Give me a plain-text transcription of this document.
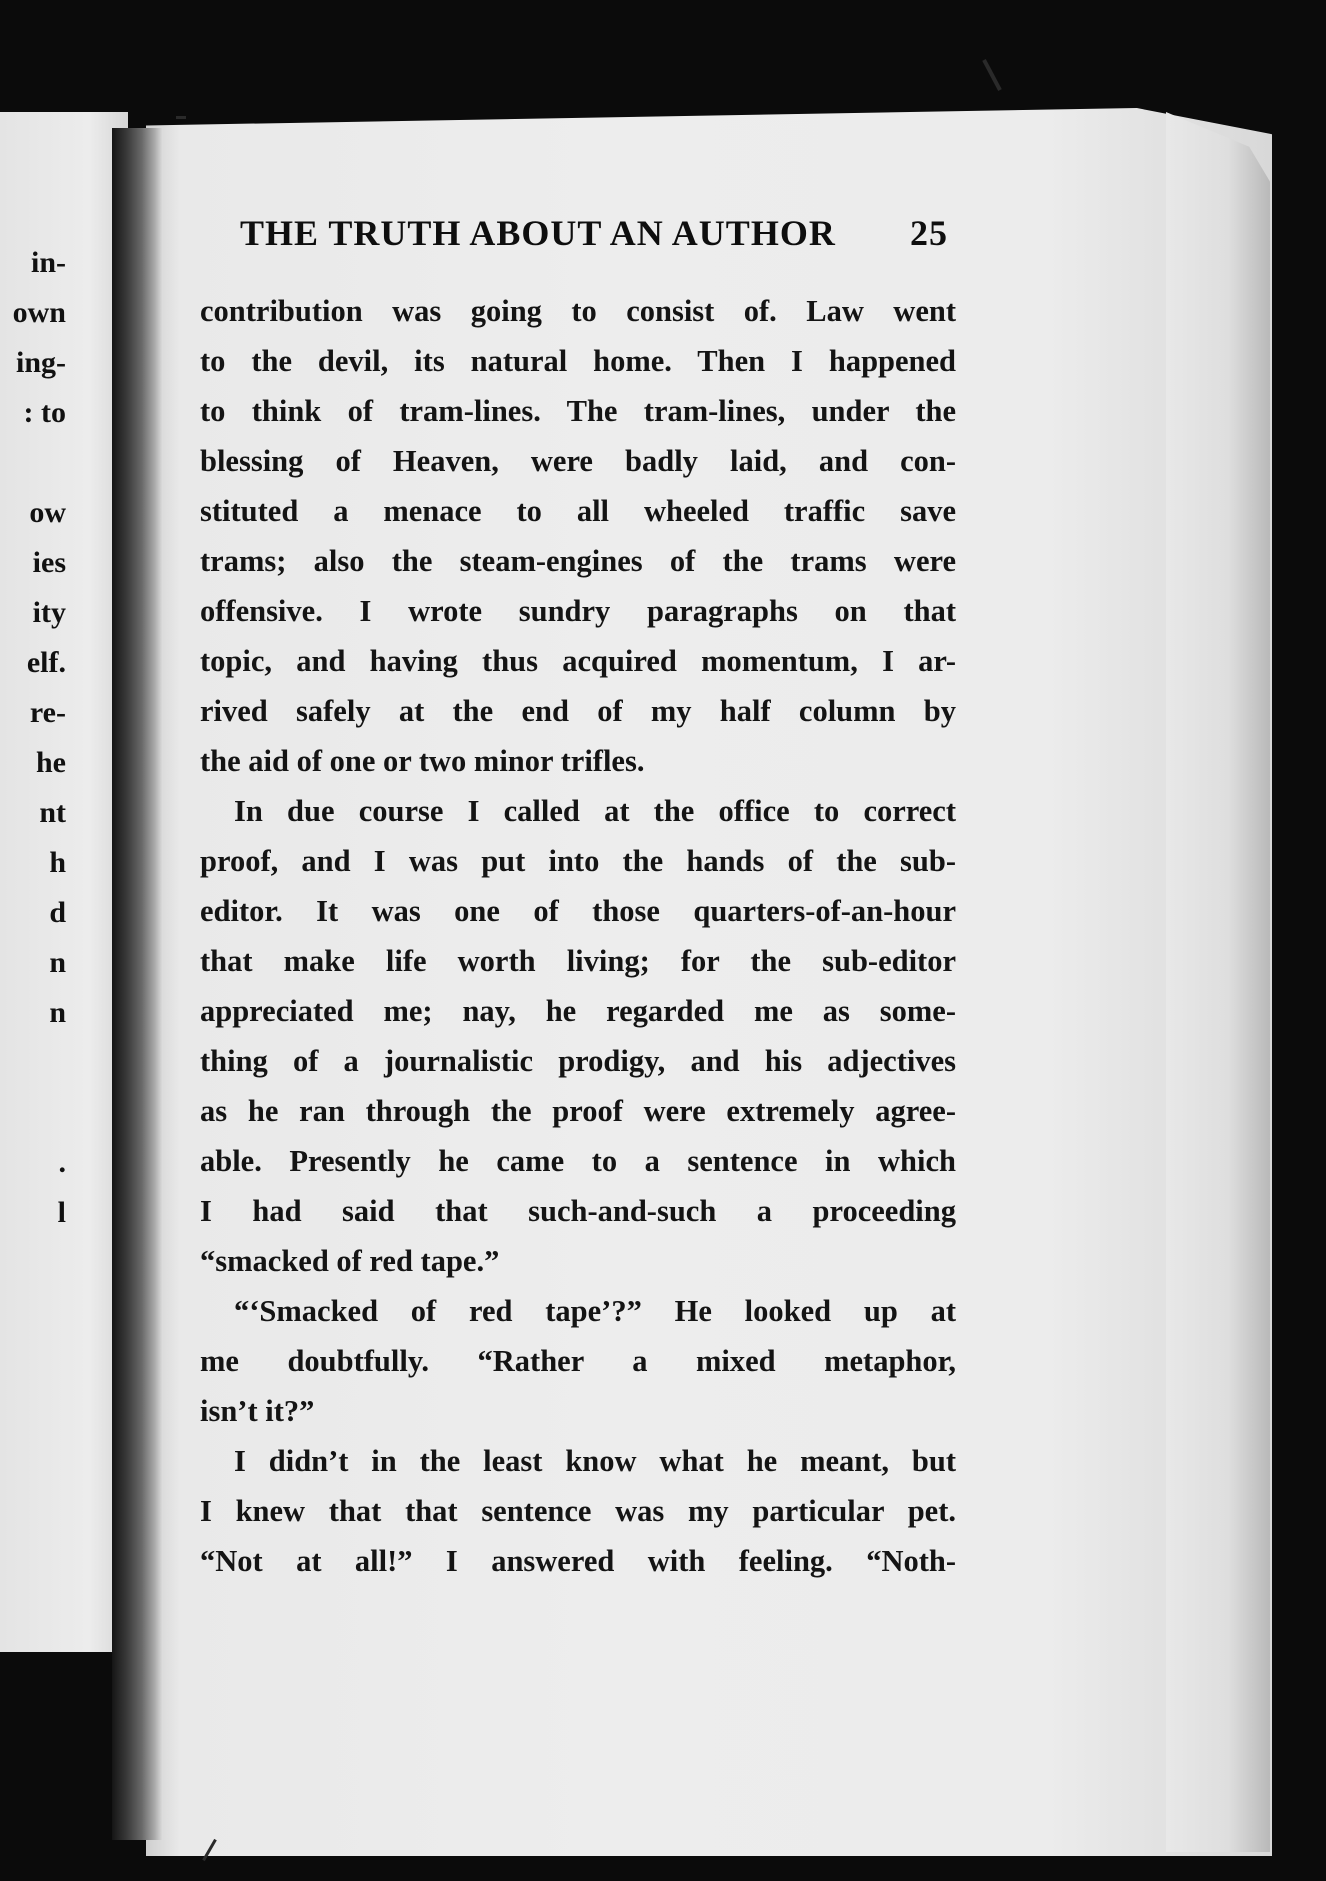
in-
own
ing-
: to
ow
ies
ity
elf.
re-
he
nt
h
d
n
n
.
l
THE TRUTH ABOUT AN AUTHOR 25
contribution was going to consist of. Law went
to the devil, its natural home. Then I happened
to think of tram-lines. The tram-lines, under the
blessing of Heaven, were badly laid, and con-
stituted a menace to all wheeled traffic save
trams; also the steam-engines of the trams were
offensive. I wrote sundry paragraphs on that
topic, and having thus acquired momentum, I ar-
rived safely at the end of my half column by
the aid of one or two minor trifles.
In due course I called at the office to correct
proof, and I was put into the hands of the sub-
editor. It was one of those quarters-of-an-hour
that make life worth living; for the sub-editor
appreciated me; nay, he regarded me as some-
thing of a journalistic prodigy, and his adjectives
as he ran through the proof were extremely agree-
able. Presently he came to a sentence in which
I had said that such-and-such a proceeding
“smacked of red tape.”
“‘Smacked of red tape’?” He looked up at
me doubtfully. “Rather a mixed metaphor,
isn’t it?”
I didn’t in the least know what he meant, but
I knew that that sentence was my particular pet.
“Not at all!” I answered with feeling. “Noth-
